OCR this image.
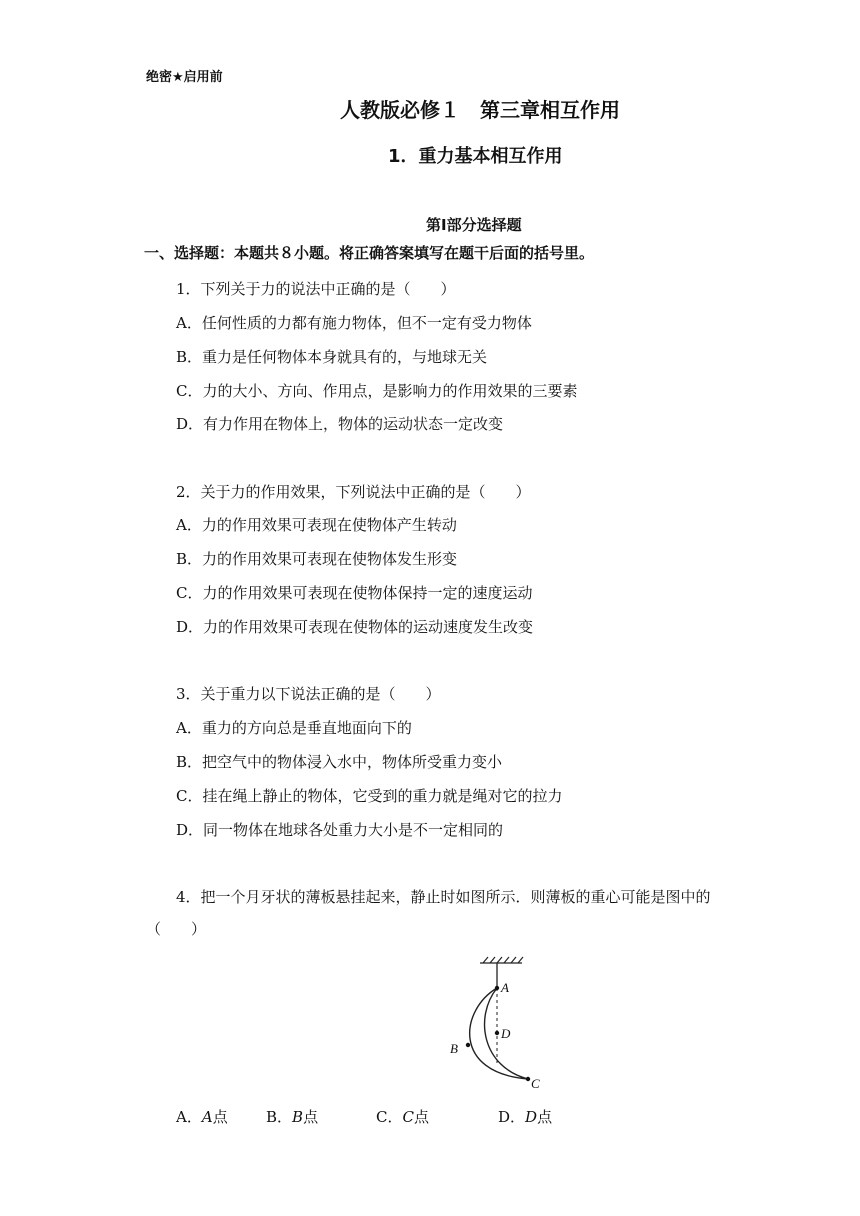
绝密★启用前
人教版必修１　第三章相互作用
1．重力基本相互作用
第Ⅰ部分选择题
一、选择题：本题共８小题。将正确答案填写在题干后面的括号里。
1．下列关于力的说法中正确的是（　　）
A．任何性质的力都有施力物体，但不一定有受力物体
B．重力是任何物体本身就具有的，与地球无关
C．力的大小、方向、作用点，是影响力的作用效果的三要素
D．有力作用在物体上，物体的运动状态一定改变
2．关于力的作用效果，下列说法中正确的是（　　）
A．力的作用效果可表现在使物体产生转动
B．力的作用效果可表现在使物体发生形变
C．力的作用效果可表现在使物体保持一定的速度运动
D．力的作用效果可表现在使物体的运动速度发生改变
3．关于重力以下说法正确的是（　　）
A．重力的方向总是垂直地面向下的
B．把空气中的物体浸入水中，物体所受重力变小
C．挂在绳上静止的物体，它受到的重力就是绳对它的拉力
D．同一物体在地球各处重力大小是不一定相同的
4．把一个月牙状的薄板悬挂起来，静止时如图所示．则薄板的重心可能是图中的
（　　）
A
D
B
C
A．A点	B．B点	C．C点	D．D点
